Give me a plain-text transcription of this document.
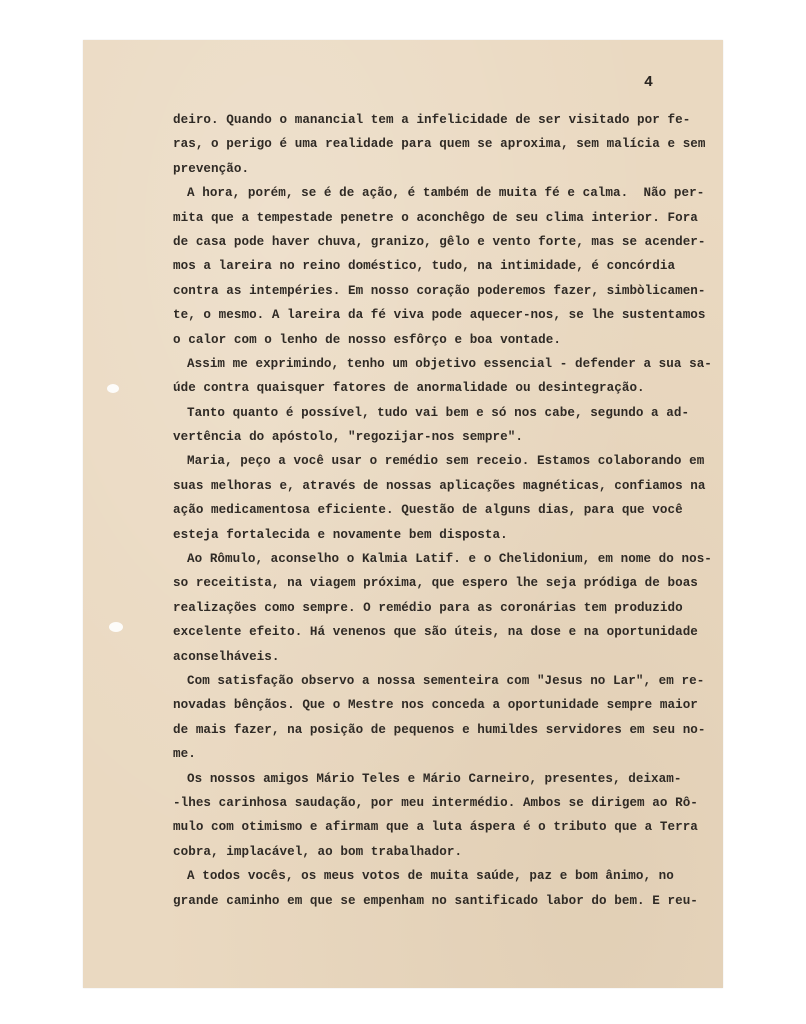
4
deiro. Quando o manancial tem a infelicidade de ser visitado por fe-
ras, o perigo é uma realidade para quem se aproxima, sem malícia e sem
prevenção.
A hora, porém, se é de ação, é também de muita fé e calma.  Não per-
mita que a tempestade penetre o aconchêgo de seu clima interior. Fora
de casa pode haver chuva, granizo, gêlo e vento forte, mas se acender-
mos a lareira no reino doméstico, tudo, na intimidade, é concórdia
contra as intempéries. Em nosso coração poderemos fazer, simbòlicamen-
te, o mesmo. A lareira da fé viva pode aquecer-nos, se lhe sustentamos
o calor com o lenho de nosso esfôrço e boa vontade.
Assim me exprimindo, tenho um objetivo essencial - defender a sua sa-
úde contra quaisquer fatores de anormalidade ou desintegração.
Tanto quanto é possível, tudo vai bem e só nos cabe, segundo a ad-
vertência do apóstolo, "regozijar-nos sempre".
Maria, peço a você usar o remédio sem receio. Estamos colaborando em
suas melhoras e, através de nossas aplicações magnéticas, confiamos na
ação medicamentosa eficiente. Questão de alguns dias, para que você
esteja fortalecida e novamente bem disposta.
Ao Rômulo, aconselho o Kalmia Latif. e o Chelidonium, em nome do nos-
so receitista, na viagem próxima, que espero lhe seja pródiga de boas
realizações como sempre. O remédio para as coronárias tem produzido
excelente efeito. Há venenos que são úteis, na dose e na oportunidade
aconselháveis.
Com satisfação observo a nossa sementeira com "Jesus no Lar", em re-
novadas bênçãos. Que o Mestre nos conceda a oportunidade sempre maior
de mais fazer, na posição de pequenos e humildes servidores em seu no-
me.
Os nossos amigos Mário Teles e Mário Carneiro, presentes, deixam-
-lhes carinhosa saudação, por meu intermédio. Ambos se dirigem ao Rô-
mulo com otimismo e afirmam que a luta áspera é o tributo que a Terra
cobra, implacável, ao bom trabalhador.
A todos vocês, os meus votos de muita saúde, paz e bom ânimo, no
grande caminho em que se empenham no santificado labor do bem. E reu-
